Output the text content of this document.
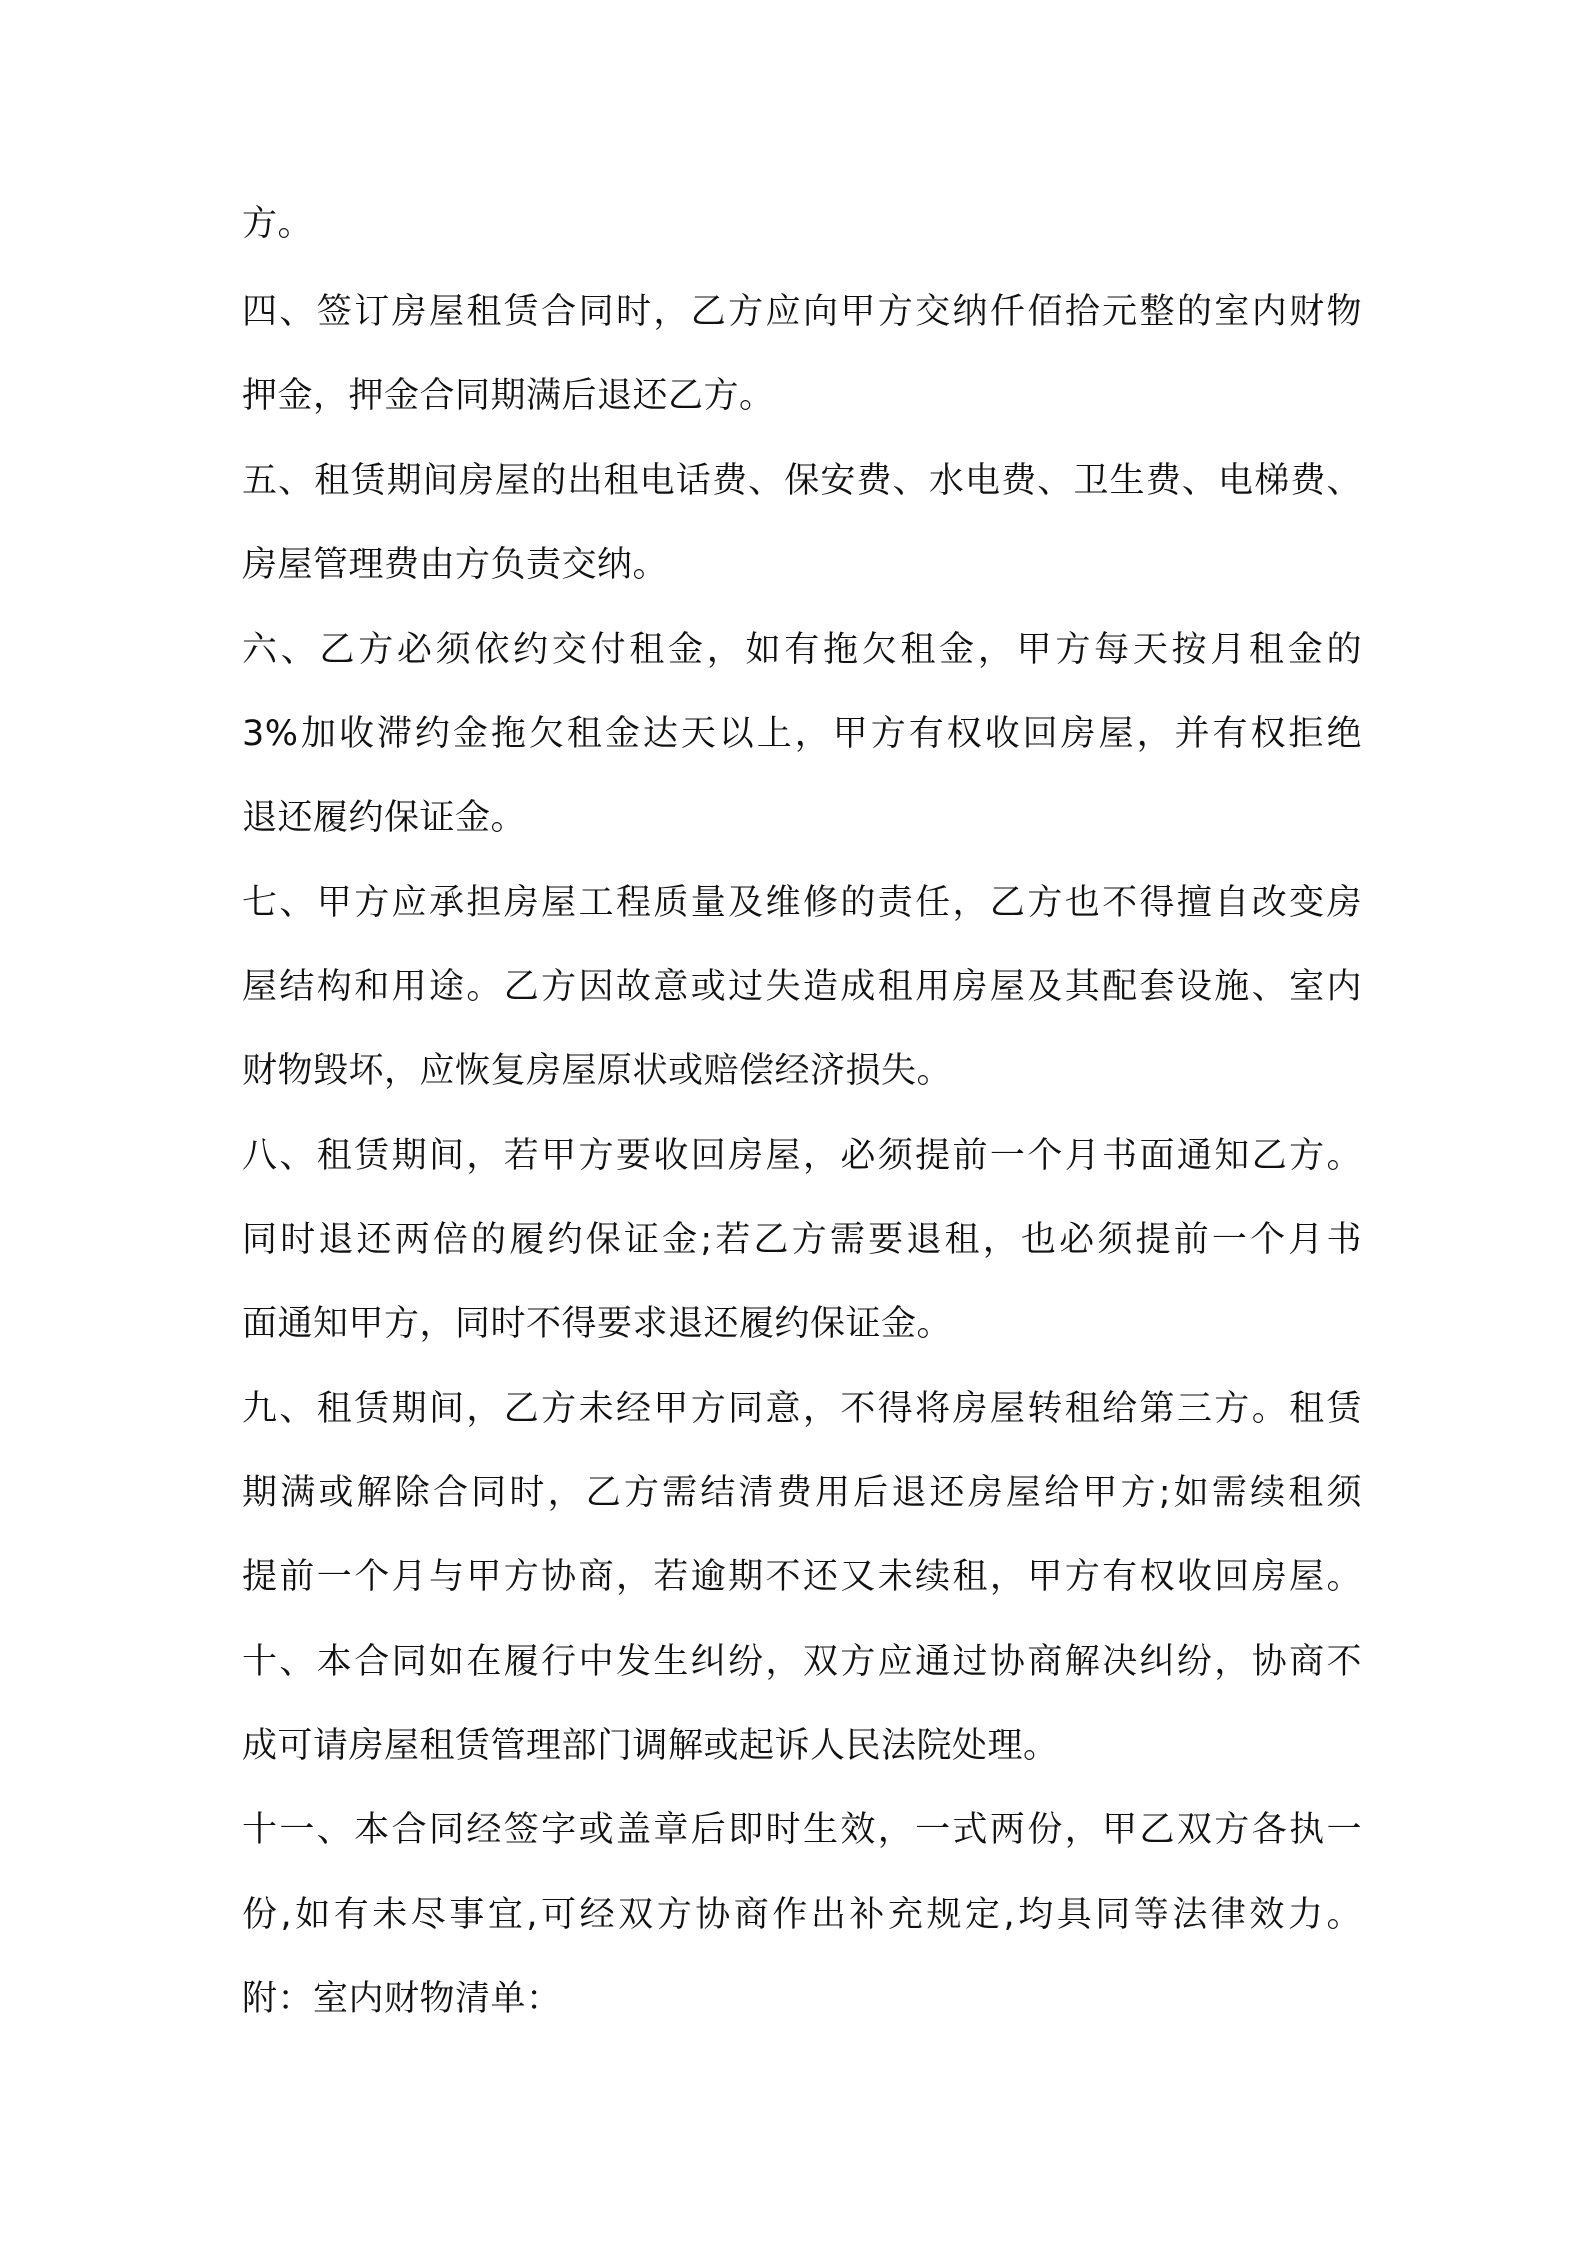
方。
四、签订房屋租赁合同时，乙方应向甲方交纳仟佰拾元整的室内财物
押金，押金合同期满后退还乙方。
五、租赁期间房屋的出租电话费、保安费、水电费、卫生费、电梯费、
房屋管理费由方负责交纳。
六、乙方必须依约交付租金，如有拖欠租金，甲方每天按月租金的
3%加收滞约金拖欠租金达天以上，甲方有权收回房屋，并有权拒绝
退还履约保证金。
七、甲方应承担房屋工程质量及维修的责任，乙方也不得擅自改变房
屋结构和用途。乙方因故意或过失造成租用房屋及其配套设施、室内
财物毁坏，应恢复房屋原状或赔偿经济损失。
八、租赁期间，若甲方要收回房屋，必须提前一个月书面通知乙方。
同时退还两倍的履约保证金;若乙方需要退租，也必须提前一个月书
面通知甲方，同时不得要求退还履约保证金。
九、租赁期间，乙方未经甲方同意，不得将房屋转租给第三方。租赁
期满或解除合同时，乙方需结清费用后退还房屋给甲方;如需续租须
提前一个月与甲方协商，若逾期不还又未续租，甲方有权收回房屋。
十、本合同如在履行中发生纠纷，双方应通过协商解决纠纷，协商不
成可请房屋租赁管理部门调解或起诉人民法院处理。
十一、本合同经签字或盖章后即时生效，一式两份，甲乙双方各执一
份,如有未尽事宜,可经双方协商作出补充规定,均具同等法律效力。
附：室内财物清单：
